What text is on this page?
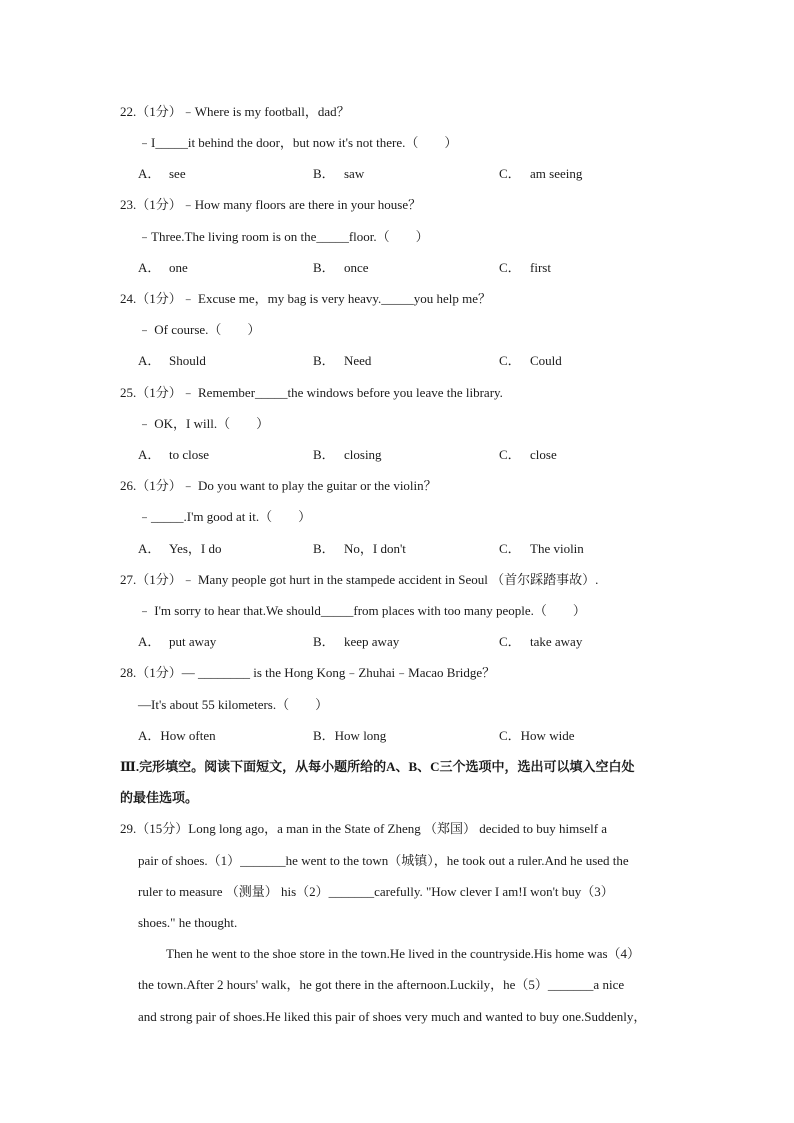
22.（1分）﹣Where is my football，dad？
﹣I_____it behind the door，but now it's not there.（　　）
A． see	B． saw	C． am seeing
23.（1分）﹣How many floors are there in your house？
﹣Three.The living room is on the_____floor.（　　）
A． one	B． once	C． first
24.（1分）﹣ Excuse me，my bag is very heavy._____you help me？
﹣ Of course.（　　）
A． Should	B． Need	C． Could
25.（1分）﹣ Remember_____the windows before you leave the library.
﹣ OK，I will.（　　）
A． to close	B． closing	C． close
26.（1分）﹣ Do you want to play the guitar or the violin？
﹣_____.I'm good at it.（　　）
A． Yes，I do	B． No，I don't	C． The violin
27.（1分）﹣ Many people got hurt in the stampede accident in Seoul （首尔踩踏事故）.
﹣ I'm sorry to hear that.We should_____from places with too many people.（　　）
A． put away	B． keep away	C． take away
28.（1分）— ________ is the Hong Kong﹣Zhuhai﹣Macao Bridge？
—It's about 55 kilometers.（　　）
A．How often	B．How long	C．How wide
Ⅲ.完形填空。阅读下面短文，从每小题所给的A、B、C三个选项中，选出可以填入空白处
的最佳选项。
29.（15分）Long long ago，a man in the State of Zheng （郑国） decided to buy himself a
pair of shoes.（1）_______he went to the town（城镇），he took out a ruler.And he used the
ruler to measure （测量） his（2）_______carefully. "How clever I am!I won't buy（3）
shoes." he thought.
Then he went to the shoe store in the town.He lived in the countryside.His home was（4）
the town.After 2 hours' walk，he got there in the afternoon.Luckily，he（5）_______a nice
and strong pair of shoes.He liked this pair of shoes very much and wanted to buy one.Suddenly，
